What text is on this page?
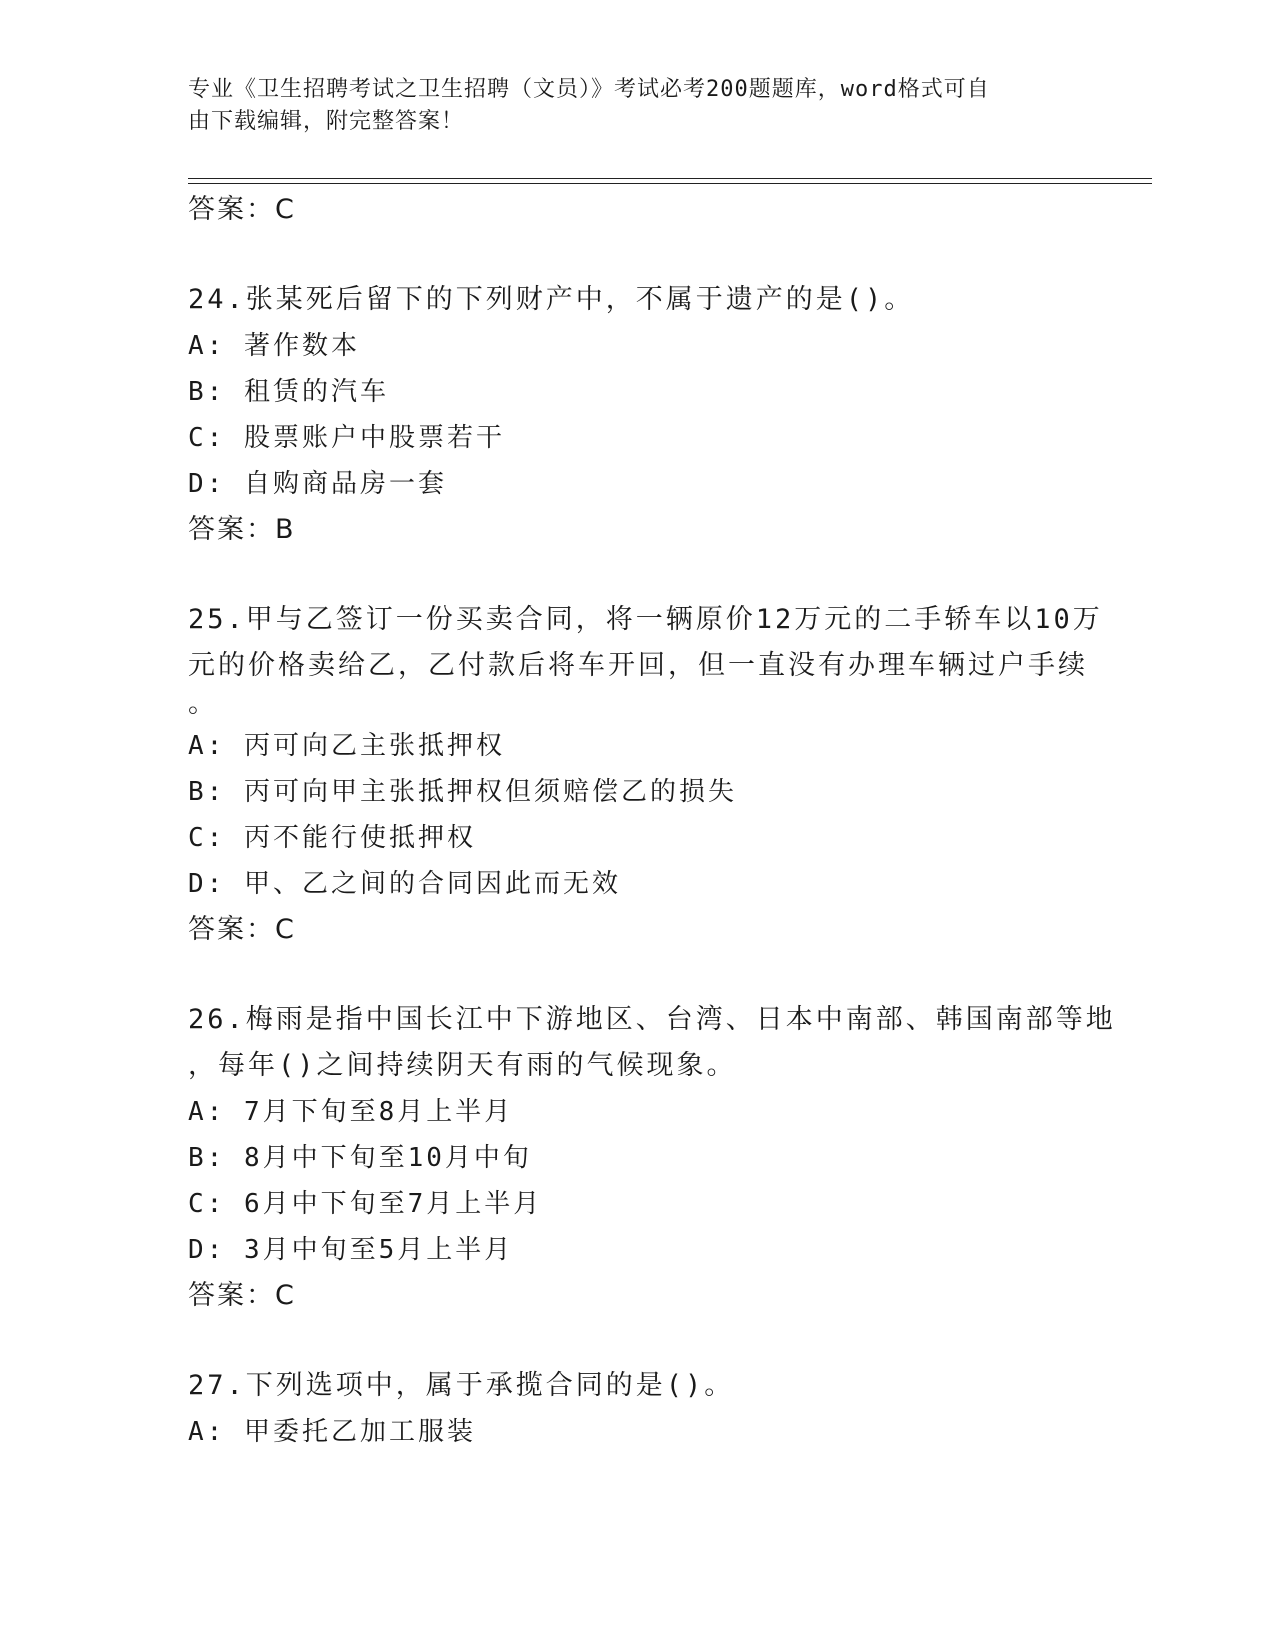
专业《卫生招聘考试之卫生招聘（文员）》考试必考200题题库，word格式可自
由下载编辑，附完整答案！
答案：C
24.张某死后留下的下列财产中，不属于遗产的是()。
A: 著作数本
B: 租赁的汽车
C: 股票账户中股票若干
D: 自购商品房一套
答案：B
25.甲与乙签订一份买卖合同，将一辆原价12万元的二手轿车以10万
元的价格卖给乙，乙付款后将车开回，但一直没有办理车辆过户手续
。
A: 丙可向乙主张抵押权
B: 丙可向甲主张抵押权但须赔偿乙的损失
C: 丙不能行使抵押权
D: 甲、乙之间的合同因此而无效
答案：C
26.梅雨是指中国长江中下游地区、台湾、日本中南部、韩国南部等地
，每年()之间持续阴天有雨的气候现象。
A: 7月下旬至8月上半月
B: 8月中下旬至10月中旬
C: 6月中下旬至7月上半月
D: 3月中旬至5月上半月
答案：C
27.下列选项中，属于承揽合同的是()。
A: 甲委托乙加工服装
